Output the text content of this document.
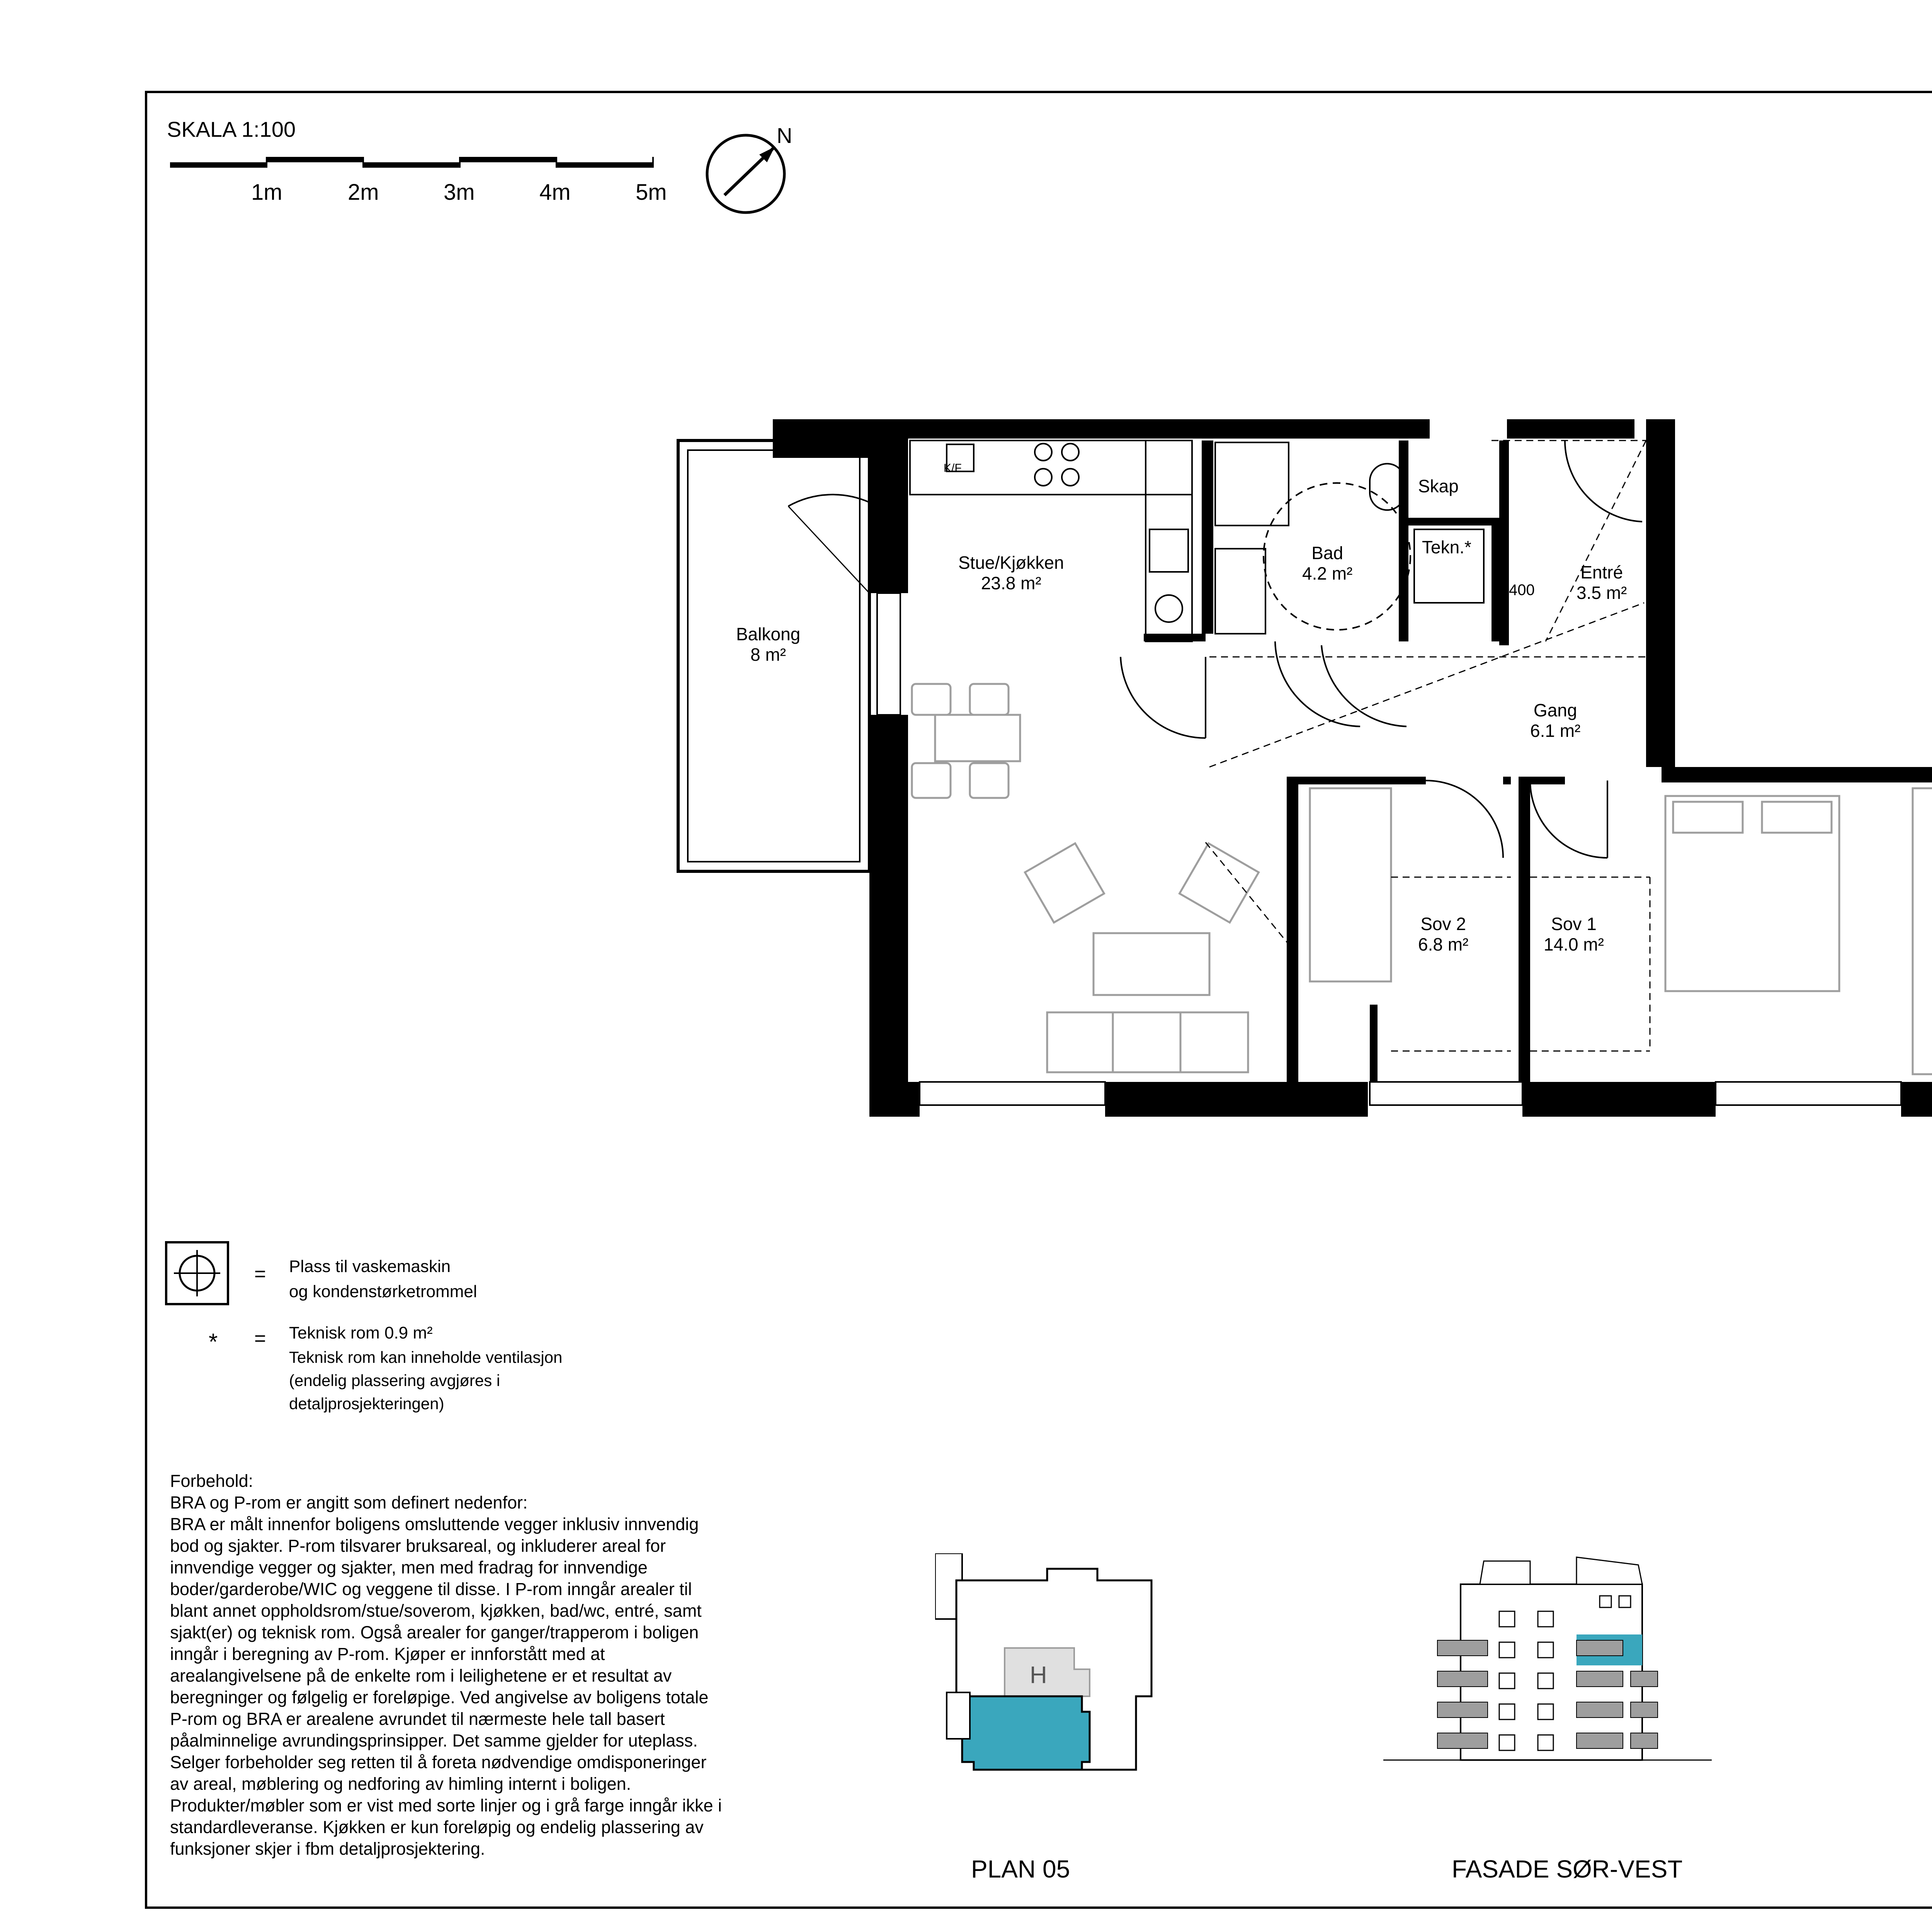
SKALA 1:100
1m	2m	3m	4m	5m
N
Stue/Kjøkken
23.8 m²
Balkong
8 m²
Bad
4.2 m²
Skap
Tekn.*
Entré
3.5 m²
Gang
6.1 m²
Sov 2
6.8 m²
Sov 1
14.0 m²
K/F
400
= Plass til vaskemaskin
og kondenstørketrommel
* = Teknisk rom 0.9 m²
Teknisk rom kan inneholde ventilasjon
(endelig plassering avgjøres i
detaljprosjekteringen)
Forbehold:
BRA og P-rom er angitt som definert nedenfor:
BRA er målt innenfor boligens omsluttende vegger inklusiv innvendig
bod og sjakter. P-rom tilsvarer bruksareal, og inkluderer areal for
innvendige vegger og sjakter, men med fradrag for innvendige
boder/garderobe/WIC og veggene til disse. I P-rom inngår arealer til
blant annet oppholdsrom/stue/soverom, kjøkken, bad/wc, entré, samt
sjakt(er) og teknisk rom. Også arealer for ganger/trapperom i boligen
inngår i beregning av P-rom. Kjøper er innforstått med at
arealangivelsene på de enkelte rom i leilighetene er et resultat av
beregninger og følgelig er foreløpige. Ved angivelse av boligens totale
P-rom og BRA er arealene avrundet til nærmeste hele tall basert
påalminnelige avrundingsprinsipper. Det samme gjelder for uteplass.
Selger forbeholder seg retten til å foreta nødvendige omdisponeringer
av areal, møblering og nedforing av himling internt i boligen.
Produkter/møbler som er vist med sorte linjer og i grå farge inngår ikke i
standardleveranse. Kjøkken er kun foreløpig og endelig plassering av
funksjoner skjer i fbm detaljprosjektering.
H
PLAN 05	FASADE SØR-VEST
